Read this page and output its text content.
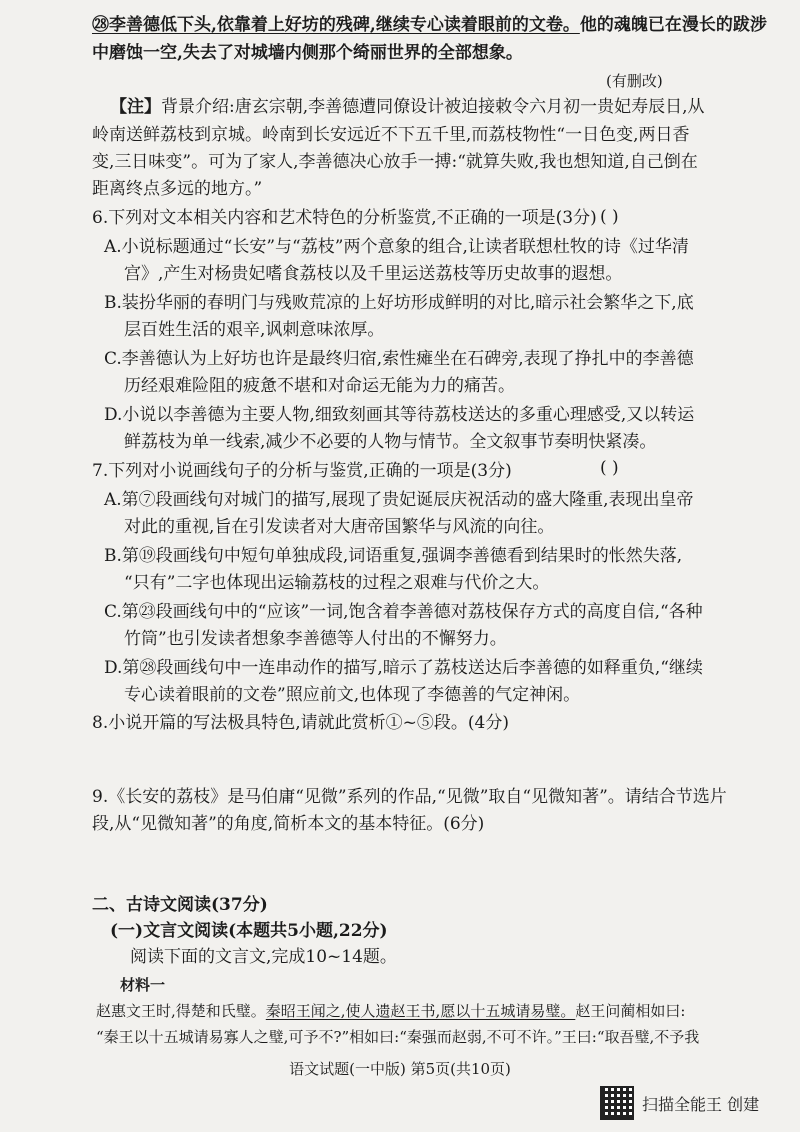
㉘李善德低下头,依靠着上好坊的残碑,继续专心读着眼前的文卷。他的魂魄已在漫长的跋涉
中磨蚀一空,失去了对城墙内侧那个绮丽世界的全部想象。
(有删改)
【注】背景介绍:唐玄宗朝,李善德遭同僚设计被迫接敕令六月初一贵妃寿辰日,从
岭南送鲜荔枝到京城。岭南到长安远近不下五千里,而荔枝物性“一日色变,两日香
变,三日味变”。可为了家人,李善德决心放手一搏:“就算失败,我也想知道,自己倒在
距离终点多远的地方。”
6.下列对文本相关内容和艺术特色的分析鉴赏,不正确的一项是(3分) ( )
A.小说标题通过“长安”与“荔枝”两个意象的组合,让读者联想杜牧的诗《过华清
宫》,产生对杨贵妃嗜食荔枝以及千里运送荔枝等历史故事的遐想。
B.装扮华丽的春明门与残败荒凉的上好坊形成鲜明的对比,暗示社会繁华之下,底
层百姓生活的艰辛,讽刺意味浓厚。
C.李善德认为上好坊也许是最终归宿,索性瘫坐在石碑旁,表现了挣扎中的李善德
历经艰难险阻的疲惫不堪和对命运无能为力的痛苦。
D.小说以李善德为主要人物,细致刻画其等待荔枝送达的多重心理感受,又以转运
鲜荔枝为单一线索,减少不必要的人物与情节。全文叙事节奏明快紧凑。
7.下列对小说画线句子的分析与鉴赏,正确的一项是(3分)	( )
A.第⑦段画线句对城门的描写,展现了贵妃诞辰庆祝活动的盛大隆重,表现出皇帝
对此的重视,旨在引发读者对大唐帝国繁华与风流的向往。
B.第⑲段画线句中短句单独成段,词语重复,强调李善德看到结果时的怅然失落,
“只有”二字也体现出运输荔枝的过程之艰难与代价之大。
C.第㉓段画线句中的“应该”一词,饱含着李善德对荔枝保存方式的高度自信,“各种
竹筒”也引发读者想象李善德等人付出的不懈努力。
D.第㉘段画线句中一连串动作的描写,暗示了荔枝送达后李善德的如释重负,“继续
专心读着眼前的文卷”照应前文,也体现了李德善的气定神闲。
8.小说开篇的写法极具特色,请就此赏析①~⑤段。(4分)
9.《长安的荔枝》是马伯庸“见微”系列的作品,“见微”取自“见微知著”。请结合节选片
段,从“见微知著”的角度,简析本文的基本特征。(6分)
二、古诗文阅读(37分)
(一)文言文阅读(本题共5小题,22分)
阅读下面的文言文,完成10~14题。
材料一
赵惠文王时,得楚和氏璧。秦昭王闻之,使人遗赵王书,愿以十五城请易璧。赵王问蔺相如曰:
“秦王以十五城请易寡人之璧,可予不?”相如曰:“秦强而赵弱,不可不许。”王曰:“取吾璧,不予我
语文试题(一中版) 第5页(共10页)
扫描全能王 创建
